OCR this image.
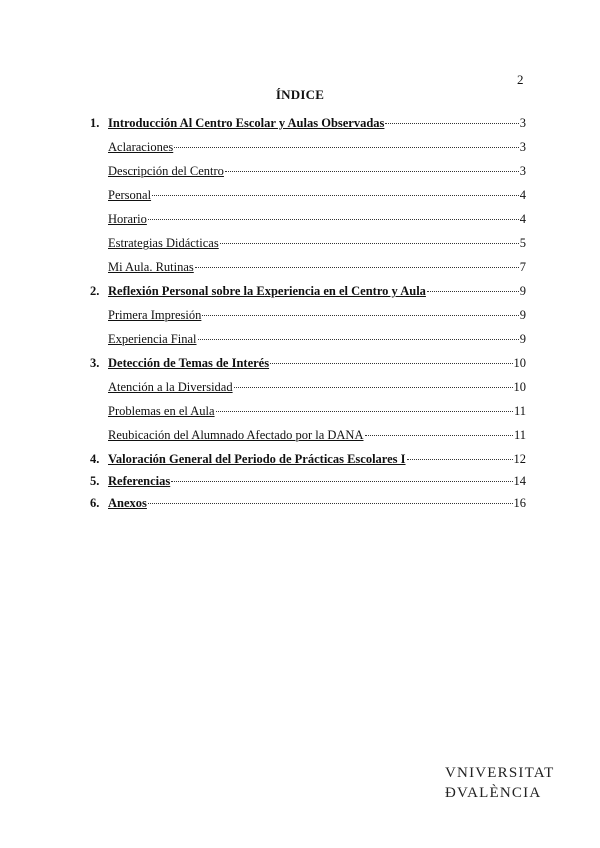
2
ÍNDICE
1. Introducción Al Centro Escolar y Aulas Observadas	3
Aclaraciones	3
Descripción del Centro	3
Personal	4
Horario	4
Estrategias Didácticas	5
Mi Aula. Rutinas	7
2. Reflexión Personal sobre la Experiencia en el Centro y Aula	9
Primera Impresión	9
Experiencia Final	9
3. Detección de Temas de Interés	10
Atención a la Diversidad	10
Problemas en el Aula	11
Reubicación del Alumnado Afectado por la DANA	11
4. Valoración General del Periodo de Prácticas Escolares I	12
5. Referencias	14
6. Anexos	16
VNIVERSITAT
ÐVALÈNCIA
